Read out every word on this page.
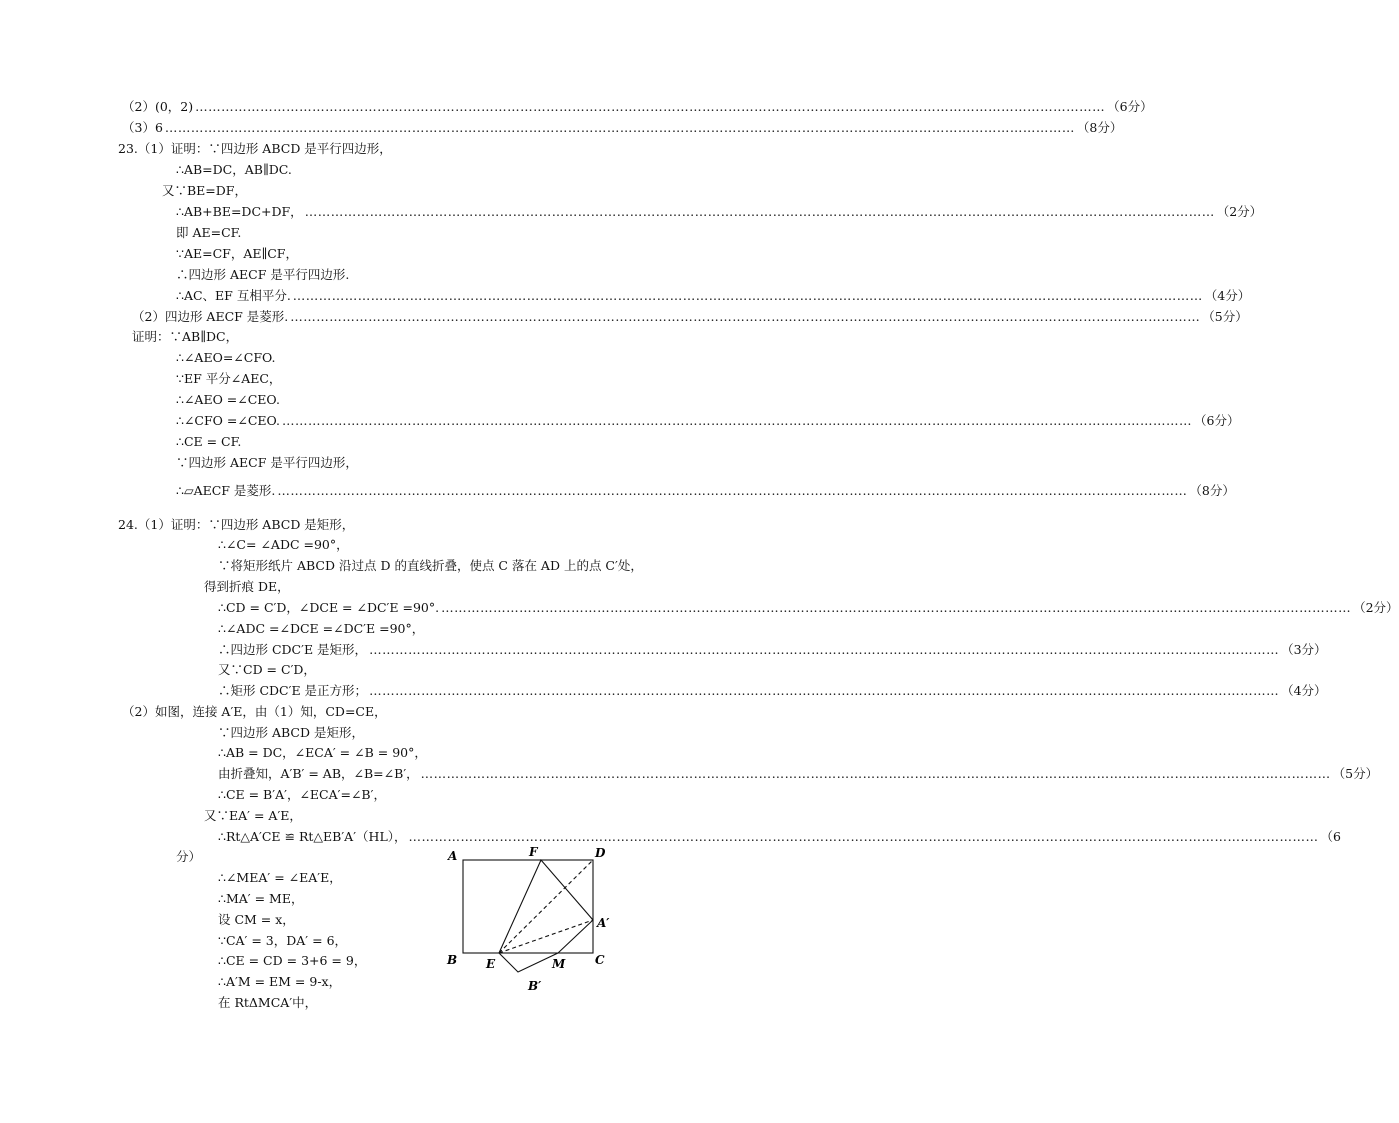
（2）(0，2) ………………………………………………………………………………………………………………………………………………………………………………………… （6分）
（3）6 ………………………………………………………………………………………………………………………………………………………………………………………… （8分）
23.（1）证明：∵四边形 ABCD 是平行四边形，
∴AB=DC，AB∥DC.
又∵BE=DF，
∴AB+BE=DC+DF， ………………………………………………………………………………………………………………………………………………………………………………………… （2分）
即 AE=CF.
∵AE=CF，AE∥CF，
∴四边形 AECF 是平行四边形.
∴AC、EF 互相平分. ………………………………………………………………………………………………………………………………………………………………………………………… （4分）
（2）四边形 AECF 是菱形. ………………………………………………………………………………………………………………………………………………………………………………………… （5分）
证明：∵AB∥DC，
∴∠AEO=∠CFO.
∵EF 平分∠AEC，
∴∠AEO =∠CEO.
∴∠CFO =∠CEO. ………………………………………………………………………………………………………………………………………………………………………………………… （6分）
∴CE = CF.
∵四边形 AECF 是平行四边形，
∴▱AECF 是菱形. ………………………………………………………………………………………………………………………………………………………………………………………… （8分）
24.（1）证明：∵四边形 ABCD 是矩形，
∴∠C= ∠ADC =90°，
∵将矩形纸片 ABCD 沿过点 D 的直线折叠，使点 C 落在 AD 上的点 C′处，
得到折痕 DE，
∴CD = C′D，∠DCE = ∠DC′E =90°. ………………………………………………………………………………………………………………………………………………………………………………………… （2分）
∴∠ADC =∠DCE =∠DC′E =90°，
∴四边形 CDC′E 是矩形， ………………………………………………………………………………………………………………………………………………………………………………………… （3分）
又∵CD = C′D，
∴矩形 CDC′E 是正方形； ………………………………………………………………………………………………………………………………………………………………………………………… （4分）
（2）如图，连接 A′E，由（1）知，CD=CE，
∵四边形 ABCD 是矩形，
∴AB = DC，∠ECA′ = ∠B = 90°，
由折叠知，A′B′ = AB，∠B=∠B′， ………………………………………………………………………………………………………………………………………………………………………………………… （5分）
∴CE = B′A′，∠ECA′=∠B′，
又∵EA′ = A′E，
∴Rt△A′CE ≌ Rt△EB′A′（HL）， ………………………………………………………………………………………………………………………………………………………………………………………… （6
分）
∴∠MEA′ = ∠EA′E，
∴MA′ = ME，
设 CM = x，
∵CA′ = 3，DA′ = 6，
∴CE = CD = 3+6 = 9，
∴A′M = EM = 9-x，
在 RtΔMCA′中，
A
B	C
D
E
F
M
A′
B′
